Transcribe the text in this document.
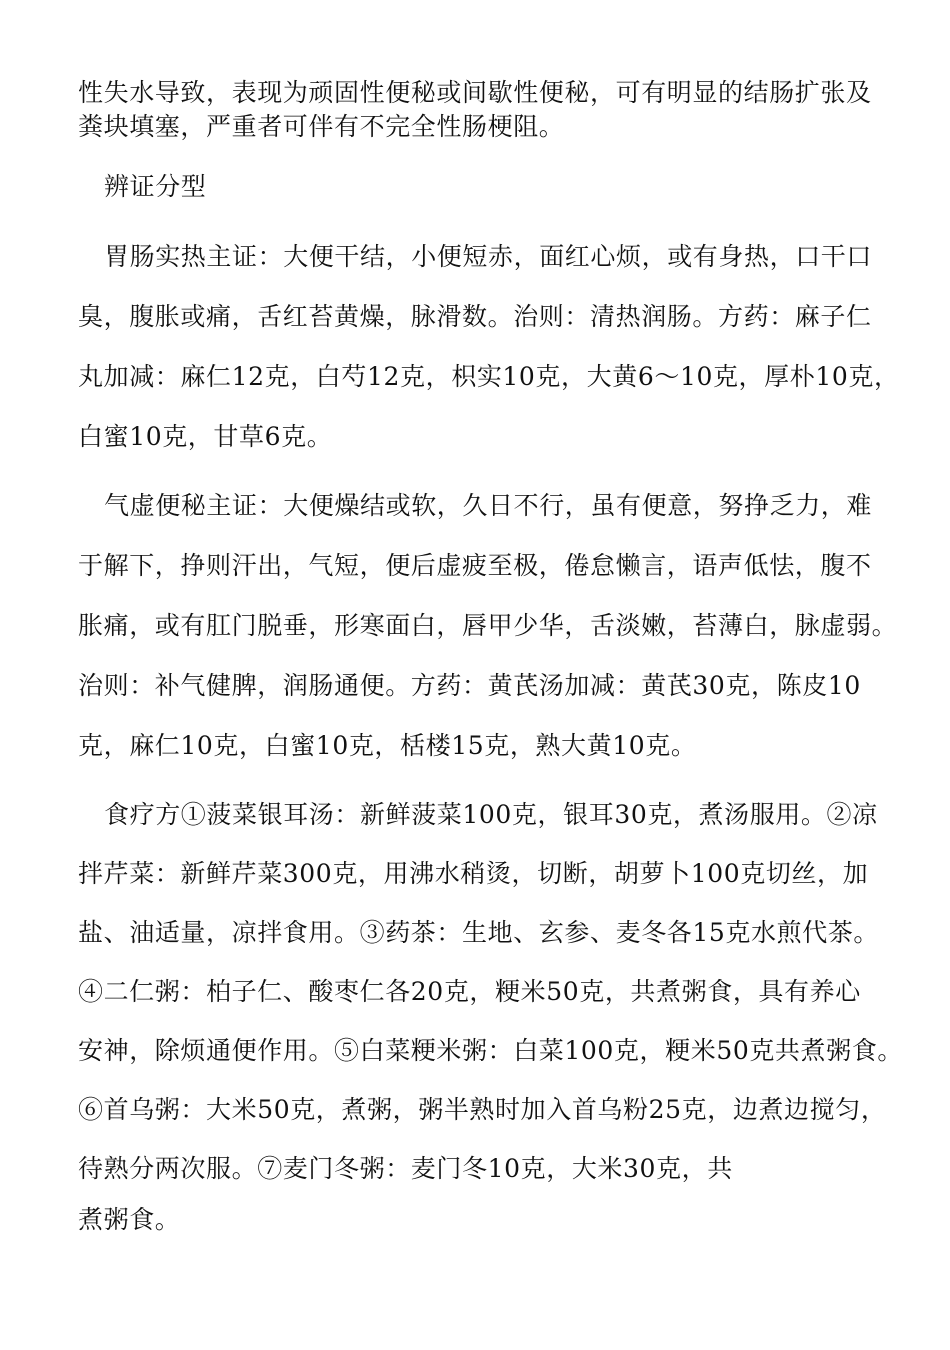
性失水导致，表现为顽固性便秘或间歇性便秘，可有明显的结肠扩张及
粪块填塞，严重者可伴有不完全性肠梗阻。
辨证分型
胃肠实热主证：大便干结，小便短赤，面红心烦，或有身热，口干口
臭，腹胀或痛，舌红苔黄燥，脉滑数。治则：清热润肠。方药：麻子仁
丸加减：麻仁12克，白芍12克，枳实10克，大黄6〜10克，厚朴10克，
白蜜10克，甘草6克。
气虚便秘主证：大便燥结或软，久日不行，虽有便意，努挣乏力，难
于解下，挣则汗出，气短，便后虚疲至极，倦怠懒言，语声低怯，腹不
胀痛，或有肛门脱垂，形寒面白，唇甲少华，舌淡嫩，苔薄白，脉虚弱。
治则：补气健脾，润肠通便。方药：黄芪汤加减：黄芪30克，陈皮10
克，麻仁10克，白蜜10克，栝楼15克，熟大黄10克。
食疗方①菠菜银耳汤：新鲜菠菜100克，银耳30克，煮汤服用。②凉
拌芹菜：新鲜芹菜300克，用沸水稍烫，切断，胡萝卜100克切丝，加
盐、油适量，凉拌食用。③药茶：生地、玄参、麦冬各15克水煎代茶。
④二仁粥：柏子仁、酸枣仁各20克，粳米50克，共煮粥食，具有养心
安神，除烦通便作用。⑤白菜粳米粥：白菜100克，粳米50克共煮粥食。
⑥首乌粥：大米50克，煮粥，粥半熟时加入首乌粉25克，边煮边搅匀，
待熟分两次服。⑦麦门冬粥：麦门冬10克，大米30克，共
煮粥食。
